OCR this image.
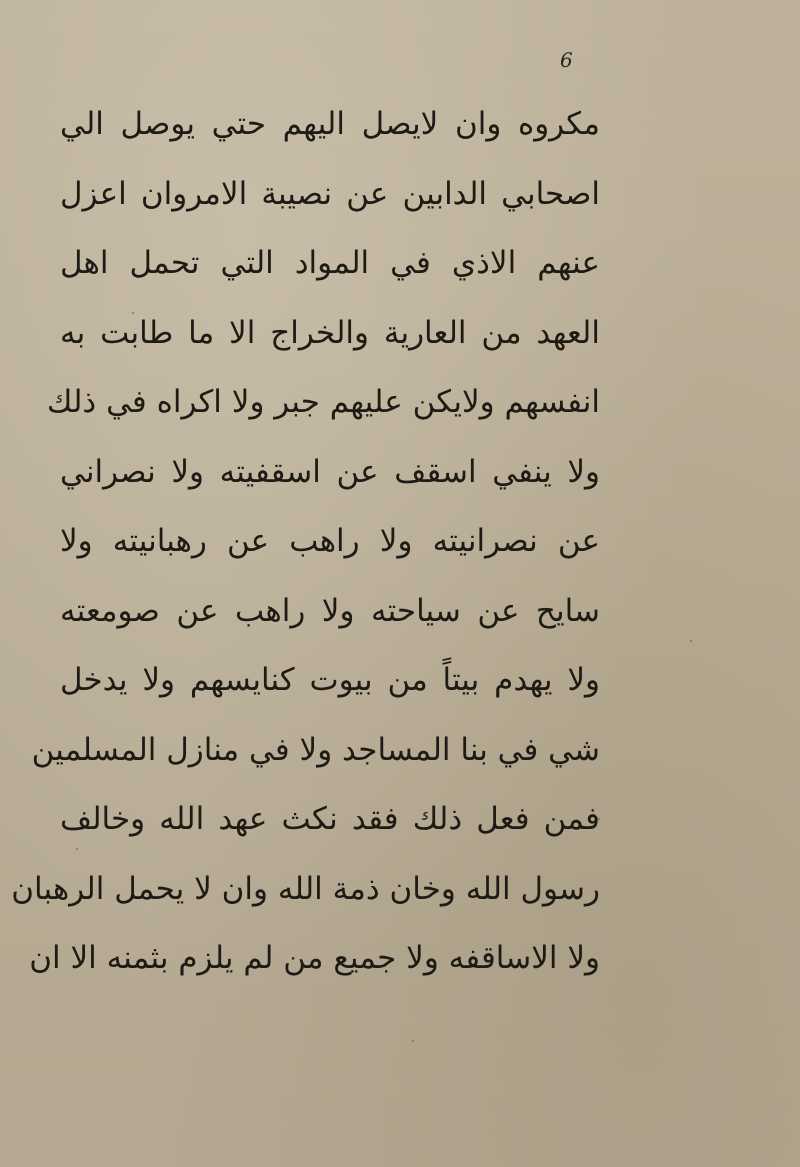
6
مكروه وان لايصل اليهم حتي يوصل الي
اصحابي الدابين عن نصيبة الامروان اعزل
عنهم الاذي في المواد التي تحمل اهل
العهد من العارية والخراج الا ما طابت به
انفسهم ولايكن عليهم جبر ولا اكراه في ذلك
ولا ينفي اسقف عن اسقفيته ولا نصراني
عن نصرانيته ولا راهب عن رهبانيته ولا
سايح عن سياحته ولا راهب عن صومعته
ولا يهدم بيتاً من بيوت كنايسهم ولا يدخل
شي في بنا المساجد ولا في منازل المسلمين
فمن فعل ذلك فقد نكث عهد الله وخالف
رسول الله وخان ذمة الله وان لا يحمل الرهبان
ولا الاساقفه ولا جميع من لم يلزم بثمنه الا ان
